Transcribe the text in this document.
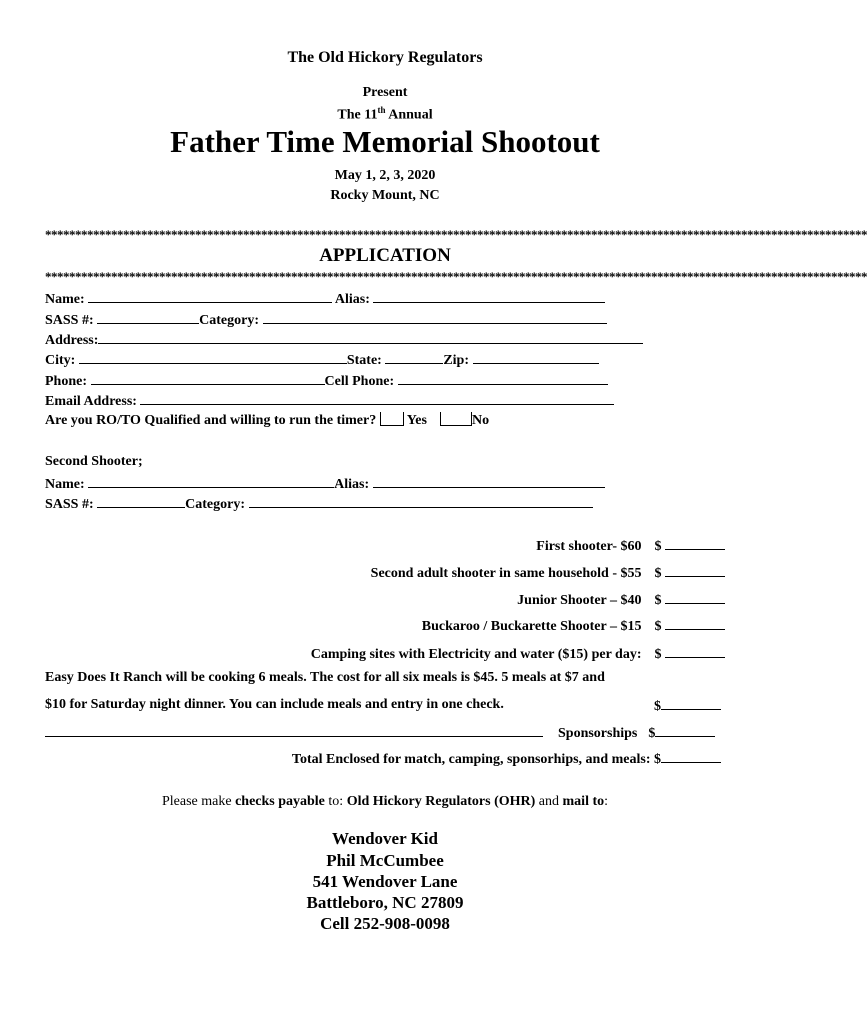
The Old Hickory Regulators
Present
The 11th Annual
Father Time Memorial Shootout
May 1, 2, 3, 2020
Rocky Mount, NC
*****************************************************************************************************************************************
APPLICATION
*****************************************************************************************************************************************
Name:	Alias:
SASS #:	Category:
Address:
City:	State:	Zip:
Phone:	Cell Phone:
Email Address:
Are you RO/TO Qualified and willing to run the timer? Yes	No
Second Shooter;
Name:	Alias:
SASS #:	Category:
First shooter- $60 $
Second adult shooter in same household - $55 $
Junior Shooter – $40 $
Buckaroo / Buckarette Shooter – $15 $
Camping sites with Electricity and water ($15) per day: $
Easy Does It Ranch will be cooking 6 meals. The cost for all six meals is $45. 5 meals at $7 and
$10 for Saturday night dinner. You can include meals and entry in one check.	$
Sponsorships $
Total Enclosed for match, camping, sponsorhips, and meals: $
Please make checks payable to: Old Hickory Regulators (OHR) and mail to:
Wendover Kid
Phil McCumbee
541 Wendover Lane
Battleboro, NC 27809
Cell 252-908-0098
